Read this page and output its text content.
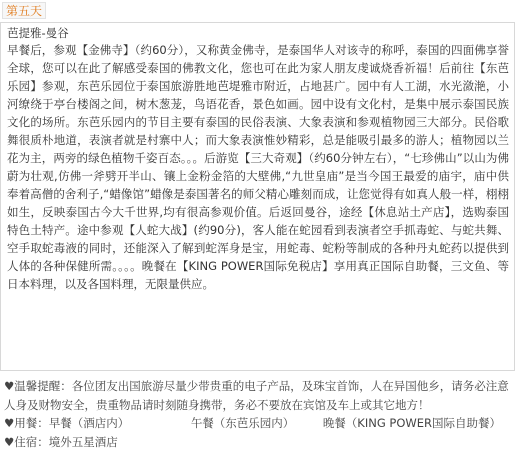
第五天
芭提雅-曼谷

早餐后，参观【金佛寺】（约60分），又称黄金佛寺，是泰国华人对该寺的称呼，泰国的四面佛享誉全球，您可以在此了解感受泰国的佛教文化，您也可在此为家人朋友虔诚烧香祈福！后前往【东芭乐园】参观，东芭乐园位于泰国旅游胜地芭堤雅市附近，占地甚广。园中有人工湖，水光潋滟，小河缭绕于亭台楼阁之间，树木葱茏，鸟语花香，景色如画。园中设有文化村，是集中展示泰国民族文化的场所。东芭乐园内的节目主要有泰国的民俗表演、大象表演和参观植物园三大部分。民俗歌舞很质朴地道，表演者就是村寨中人；而大象表演惟妙精彩，总是能吸引最多的游人；植物园以兰花为主，两旁的绿色植物千姿百态。。。后游览【三大奇观】（约60分钟左右），“七珍佛山”以山为佛蔚为壮观,仿佛一斧劈开半山、镶上金粉金箔的大壁佛,“九世皇庙”是当今国王最爱的庙宇，庙中供奉着高僧的舍利子,“蜡像馆”蜡像是泰国著名的师父精心雕刻而成，让您觉得有如真人般一样，栩栩如生，反映泰国古今大千世界,均有很高参观价值。后返回曼谷，途经【休息站土产店】，选购泰国特色土特产。途中参观【人蛇大战】(约90分)，客人能在蛇园看到表演者空手抓毒蛇、与蛇共舞、空手取蛇毒液的同时，还能深入了解到蛇浑身是宝，用蛇毒、蛇粉等制成的各种丹丸蛇药以提供到人体的各种保健所需。。。。晚餐在【KING POWER国际免税店】享用真正国际自助餐，三文鱼、等日本料理，以及各国料理，无限量供应。

♥温馨提醒：各位团友出国旅游尽量少带贵重的电子产品，及珠宝首饰，人在异国他乡，请务必注意人身及财物安全，贵重物品请时刻随身携带，务必不要放在宾馆及车上或其它地方！

♥用餐：早餐（酒店内）	午餐（东芭乐园内） 晚餐（KING POWER国际自助餐）

♥住宿：境外五星酒店
